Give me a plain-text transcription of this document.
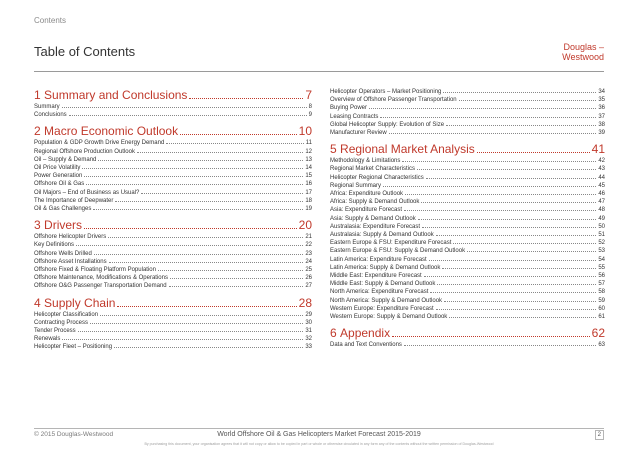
Contents
Table of Contents	Douglas –
Westwood
1
Summary and Conclusions	7
Summary	8
Conclusions	9
2
Macro Economic Outlook	10
Population & GDP Growth Drive Energy Demand	11
Regional Offshore Production Outlook	12
Oil – Supply & Demand	13
Oil Price Volatility	14
Power Generation	15
Offshore Oil & Gas	16
Oil Majors – End of Business as Usual?	17
The Importance of Deepwater	18
Oil & Gas Challenges	19
3
Drivers	20
Offshore Helicopter Drivers	21
Key Definitions	22
Offshore Wells Drilled	23
Offshore Asset Installations	24
Offshore Fixed & Floating Platform Population	25
Offshore Maintenance, Modifications & Operations	26
Offshore O&G Passenger Transportation Demand	27
4
Supply Chain	28
Helicopter Classification	29
Contracting Process	30
Tender Process	31
Renewals	32
Helicopter Fleet – Positioning	33
Helicopter Operators – Market Positioning	34
Overview of Offshore Passenger Transportation	35
Buying Power	36
Leasing Contracts	37
Global Helicopter Supply: Evolution of Size	38
Manufacturer Review	39
5
Regional Market Analysis	41
Methodology & Limitations	42
Regional Market Characteristics	43
Helicopter Regional Characteristics	44
Regional Summary	45
Africa: Expenditure Outlook	46
Africa: Supply & Demand Outlook	47
Asia: Expenditure Forecast	48
Asia: Supply & Demand Outlook	49
Australasia: Expenditure Forecast	50
Australasia: Supply & Demand Outlook	51
Eastern Europe & FSU: Expenditure Forecast	52
Eastern Europe & FSU: Supply & Demand Outlook	53
Latin America: Expenditure Forecast	54
Latin America: Supply & Demand Outlook	55
Middle East: Expenditure Forecast	56
Middle East: Supply & Demand Outlook	57
North America: Expenditure Forecast	58
North America: Supply & Demand Outlook	59
Western Europe: Expenditure Forecast	60
Western Europe: Supply & Demand Outlook	61
6
Appendix	62
Data and Text Conventions	63
© 2015 Douglas-Westwood	World Offshore Oil & Gas Helicopters Market Forecast 2015-2019	2
By purchasing this document, your organisation agrees that it will not copy or allow to be copied in part or whole or otherwise circulated in any form any of the contents without the written permission of Douglas-Westwood
